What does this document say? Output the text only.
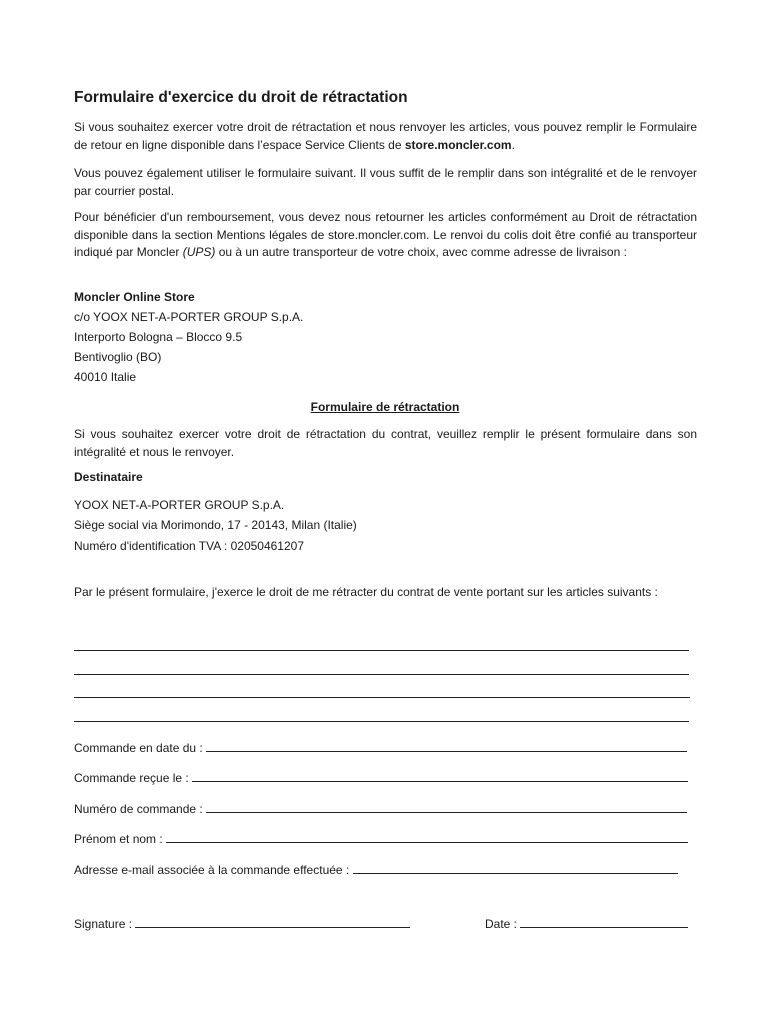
Formulaire d'exercice du droit de rétractation
Si vous souhaitez exercer votre droit de rétractation et nous renvoyer les articles, vous pouvez remplir le Formulaire de retour en ligne disponible dans l’espace Service Clients de store.moncler.com.
Vous pouvez également utiliser le formulaire suivant. Il vous suffit de le remplir dans son intégralité et de le renvoyer par courrier postal.
Pour bénéficier d'un remboursement, vous devez nous retourner les articles conformément au Droit de rétractation disponible dans la section Mentions légales de store.moncler.com. Le renvoi du colis doit être confié au transporteur indiqué par Moncler (UPS) ou à un autre transporteur de votre choix, avec comme adresse de livraison :
Moncler Online Store
c/o YOOX NET-A-PORTER GROUP S.p.A.
Interporto Bologna – Blocco 9.5
Bentivoglio (BO)
40010 Italie
Formulaire de rétractation
Si vous souhaitez exercer votre droit de rétractation du contrat, veuillez remplir le présent formulaire dans son intégralité et nous le renvoyer.
Destinataire
YOOX NET-A-PORTER GROUP S.p.A.
Siège social via Morimondo, 17 - 20143, Milan (Italie)
Numéro d'identification TVA : 02050461207
Par le présent formulaire, j'exerce le droit de me rétracter du contrat de vente portant sur les articles suivants :
Commande en date du :
Commande reçue le :
Numéro de commande :
Prénom et nom :
Adresse e-mail associée à la commande effectuée :
Signature :	Date :
